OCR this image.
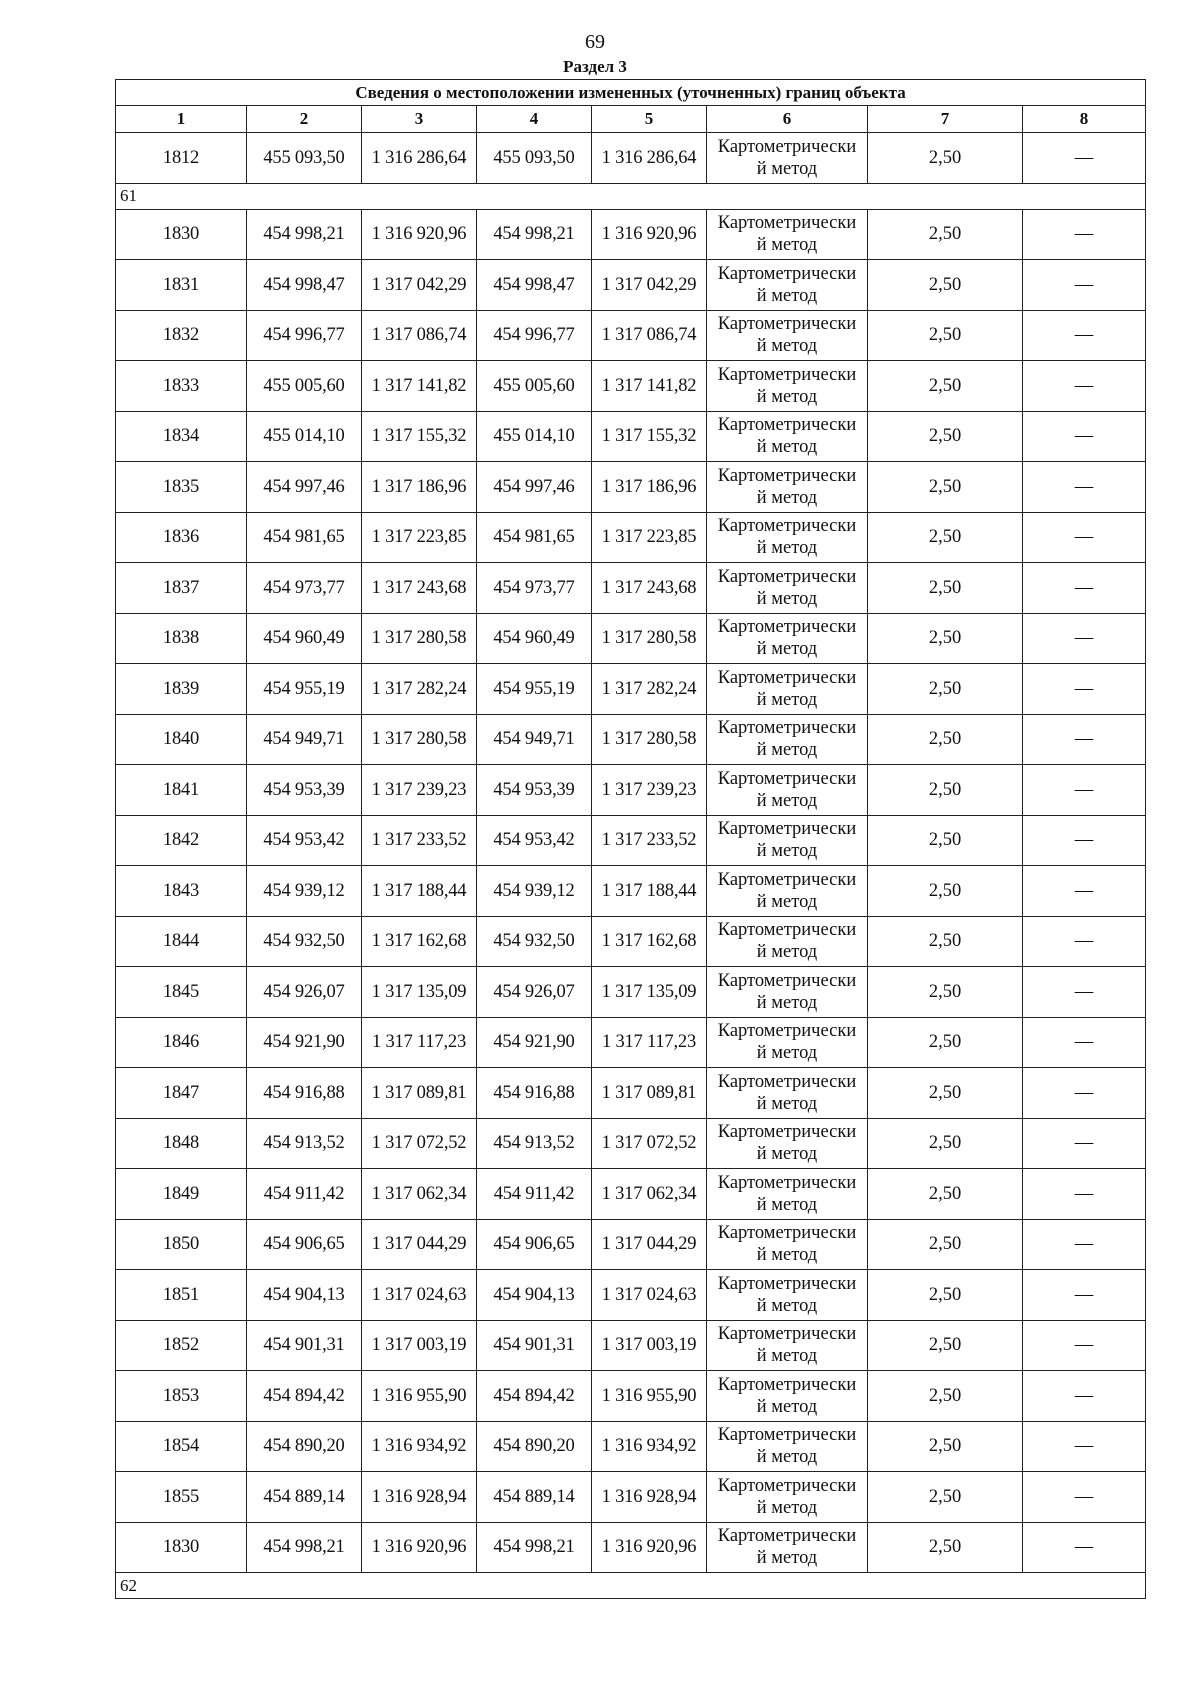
69
Раздел 3
Сведения о местоположении измененных (уточненных) границ объекта							
1	2	3	4	5	6	7	8
1812	455 093,50	1 316 286,64	455 093,50	1 316 286,64	Картометрически
й метод	2,50	—
61							
1830	454 998,21	1 316 920,96	454 998,21	1 316 920,96	Картометрически
й метод	2,50	—
1831	454 998,47	1 317 042,29	454 998,47	1 317 042,29	Картометрически
й метод	2,50	—
1832	454 996,77	1 317 086,74	454 996,77	1 317 086,74	Картометрически
й метод	2,50	—
1833	455 005,60	1 317 141,82	455 005,60	1 317 141,82	Картометрически
й метод	2,50	—
1834	455 014,10	1 317 155,32	455 014,10	1 317 155,32	Картометрически
й метод	2,50	—
1835	454 997,46	1 317 186,96	454 997,46	1 317 186,96	Картометрически
й метод	2,50	—
1836	454 981,65	1 317 223,85	454 981,65	1 317 223,85	Картометрически
й метод	2,50	—
1837	454 973,77	1 317 243,68	454 973,77	1 317 243,68	Картометрически
й метод	2,50	—
1838	454 960,49	1 317 280,58	454 960,49	1 317 280,58	Картометрически
й метод	2,50	—
1839	454 955,19	1 317 282,24	454 955,19	1 317 282,24	Картометрически
й метод	2,50	—
1840	454 949,71	1 317 280,58	454 949,71	1 317 280,58	Картометрически
й метод	2,50	—
1841	454 953,39	1 317 239,23	454 953,39	1 317 239,23	Картометрически
й метод	2,50	—
1842	454 953,42	1 317 233,52	454 953,42	1 317 233,52	Картометрически
й метод	2,50	—
1843	454 939,12	1 317 188,44	454 939,12	1 317 188,44	Картометрически
й метод	2,50	—
1844	454 932,50	1 317 162,68	454 932,50	1 317 162,68	Картометрически
й метод	2,50	—
1845	454 926,07	1 317 135,09	454 926,07	1 317 135,09	Картометрически
й метод	2,50	—
1846	454 921,90	1 317 117,23	454 921,90	1 317 117,23	Картометрически
й метод	2,50	—
1847	454 916,88	1 317 089,81	454 916,88	1 317 089,81	Картометрически
й метод	2,50	—
1848	454 913,52	1 317 072,52	454 913,52	1 317 072,52	Картометрически
й метод	2,50	—
1849	454 911,42	1 317 062,34	454 911,42	1 317 062,34	Картометрически
й метод	2,50	—
1850	454 906,65	1 317 044,29	454 906,65	1 317 044,29	Картометрически
й метод	2,50	—
1851	454 904,13	1 317 024,63	454 904,13	1 317 024,63	Картометрически
й метод	2,50	—
1852	454 901,31	1 317 003,19	454 901,31	1 317 003,19	Картометрически
й метод	2,50	—
1853	454 894,42	1 316 955,90	454 894,42	1 316 955,90	Картометрически
й метод	2,50	—
1854	454 890,20	1 316 934,92	454 890,20	1 316 934,92	Картометрически
й метод	2,50	—
1855	454 889,14	1 316 928,94	454 889,14	1 316 928,94	Картометрически
й метод	2,50	—
1830	454 998,21	1 316 920,96	454 998,21	1 316 920,96	Картометрически
й метод	2,50	—
62							
